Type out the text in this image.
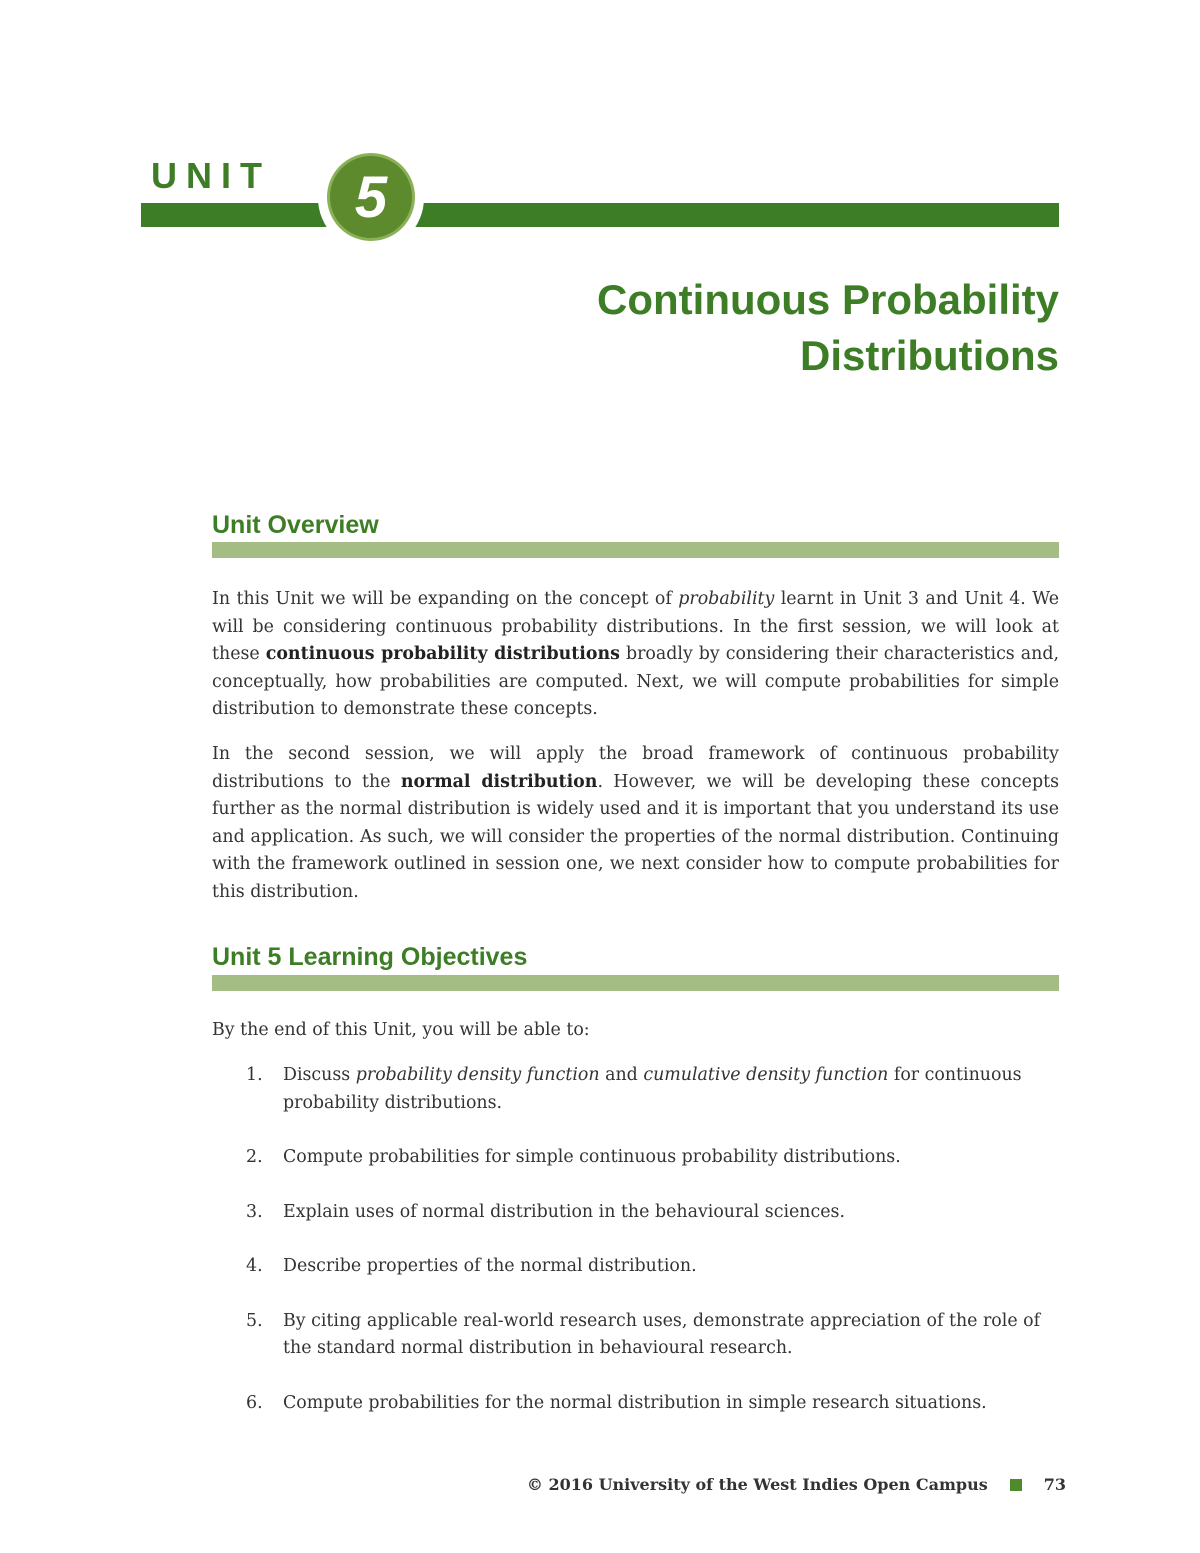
UNIT	5
Continuous Probability
Distributions
Unit Overview

In this Unit we will be expanding on the concept of probability learnt in Unit 3 and Unit 4. We will be considering continuous probability distributions. In the first session, we will look at these continuous probability distributions broadly by considering their characteristics and, conceptually, how probabilities are computed. Next, we will compute probabilities for simple distribution to demonstrate these concepts.

In the second session, we will apply the broad framework of continuous probability distributions to the normal distribution. However, we will be developing these concepts further as the normal distribution is widely used and it is important that you understand its use and application. As such, we will consider the properties of the normal distribution. Continuing with the framework outlined in session one, we next consider how to compute probabilities for this distribution.

Unit 5 Learning Objectives
By the end of this Unit, you will be able to:
1. Discuss probability density function and cumulative density function for continuous probability distributions.
2. Compute probabilities for simple continuous probability distributions.
3. Explain uses of normal distribution in the behavioural sciences.
4. Describe properties of the normal distribution.
5. By citing applicable real-world research uses, demonstrate appreciation of the role of the standard normal distribution in behavioural research.
6. Compute probabilities for the normal distribution in simple research situations.
© 2016 University of the West Indies Open Campus	73
